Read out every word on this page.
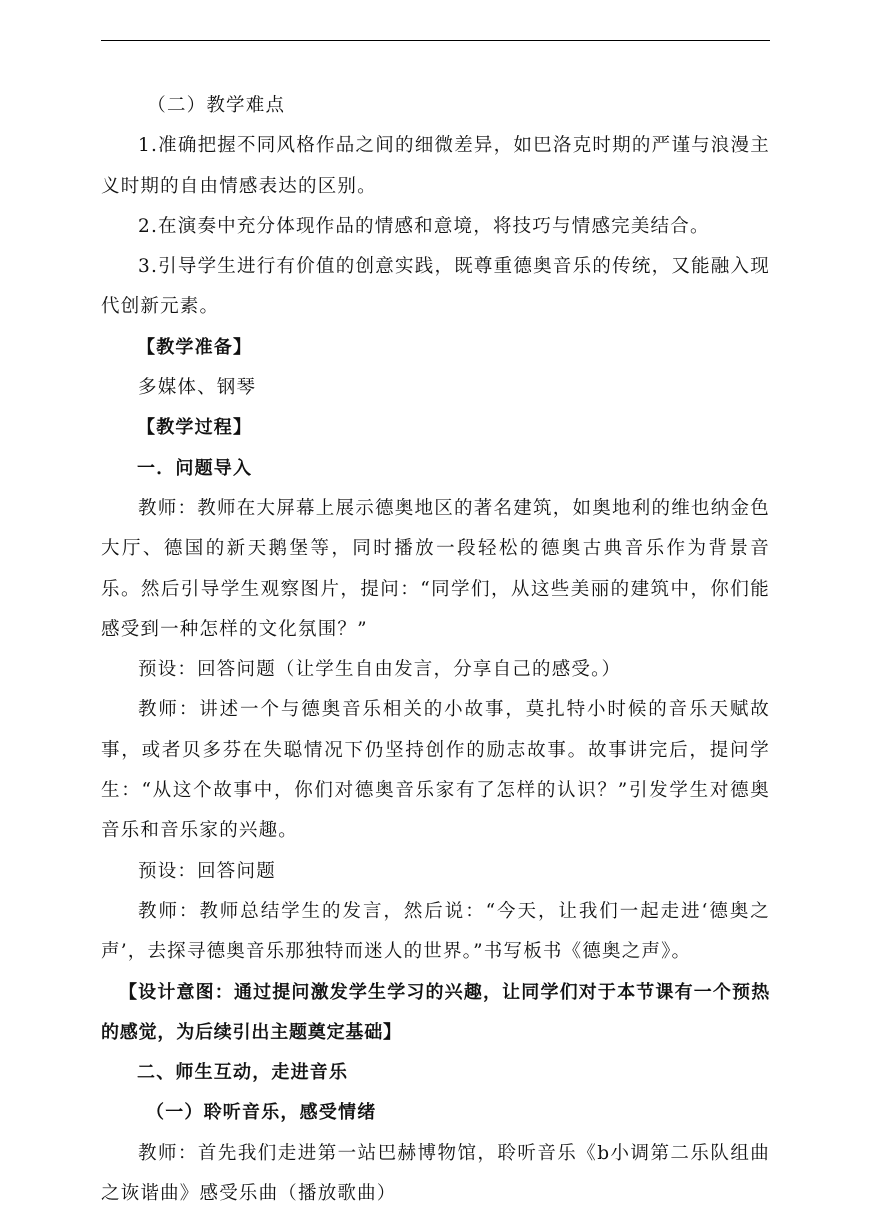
（二）教学难点

1.准确把握不同风格作品之间的细微差异，如巴洛克时期的严谨与浪漫主义时期的自由情感表达的区别。

2.在演奏中充分体现作品的情感和意境，将技巧与情感完美结合。

3.引导学生进行有价值的创意实践，既尊重德奥音乐的传统，又能融入现代创新元素。

【教学准备】

多媒体、钢琴

【教学过程】

一．问题导入

教师：教师在大屏幕上展示德奥地区的著名建筑，如奥地利的维也纳金色大厅、德国的新天鹅堡等，同时播放一段轻松的德奥古典音乐作为背景音乐。然后引导学生观察图片，提问：“同学们，从这些美丽的建筑中，你们能感受到一种怎样的文化氛围？”

预设：回答问题（让学生自由发言，分享自己的感受。）

教师：讲述一个与德奥音乐相关的小故事，莫扎特小时候的音乐天赋故事，或者贝多芬在失聪情况下仍坚持创作的励志故事。故事讲完后，提问学生：“从这个故事中，你们对德奥音乐家有了怎样的认识？”引发学生对德奥音乐和音乐家的兴趣。

预设：回答问题

教师：教师总结学生的发言，然后说：“今天，让我们一起走进‘德奥之声’，去探寻德奥音乐那独特而迷人的世界。”书写板书《德奥之声》。

【设计意图：通过提问激发学生学习的兴趣，让同学们对于本节课有一个预热的感觉，为后续引出主题奠定基础】

二、师生互动，走进音乐

（一）聆听音乐，感受情绪

教师：首先我们走进第一站巴赫博物馆，聆听音乐《b小调第二乐队组曲之诙谐曲》感受乐曲（播放歌曲）
